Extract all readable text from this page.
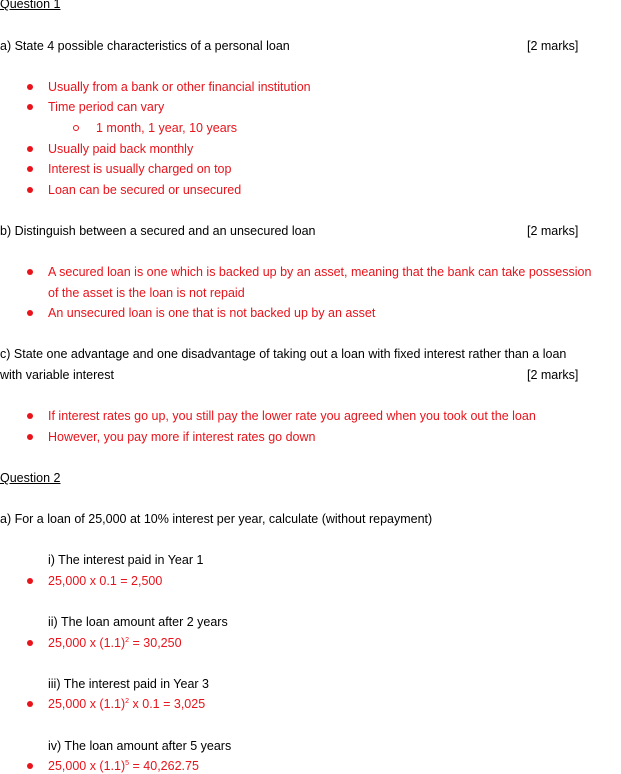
Question 1
a) State 4 possible characteristics of a personal loan	[2 marks]
Usually from a bank or other financial institution
Time period can vary
1 month, 1 year, 10 years
Usually paid back monthly
Interest is usually charged on top
Loan can be secured or unsecured
b) Distinguish between a secured and an unsecured loan	[2 marks]
A secured loan is one which is backed up by an asset, meaning that the bank can take possession
of the asset is the loan is not repaid
An unsecured loan is one that is not backed up by an asset
c) State one advantage and one disadvantage of taking out a loan with fixed interest rather than a loan
with variable interest	[2 marks]
If interest rates go up, you still pay the lower rate you agreed when you took out the loan
However, you pay more if interest rates go down
Question 2
a) For a loan of 25,000 at 10% interest per year, calculate (without repayment)
i) The interest paid in Year 1
25,000 x 0.1 = 2,500
ii) The loan amount after 2 years
25,000 x $(1.1)^2 = 30,250$
iii) The interest paid in Year 3
25,000 x $(1.1)^2$ x 0.1 = 3,025
iv) The loan amount after 5 years
25,000 x $(1.1)^5 = 40,262.75$
